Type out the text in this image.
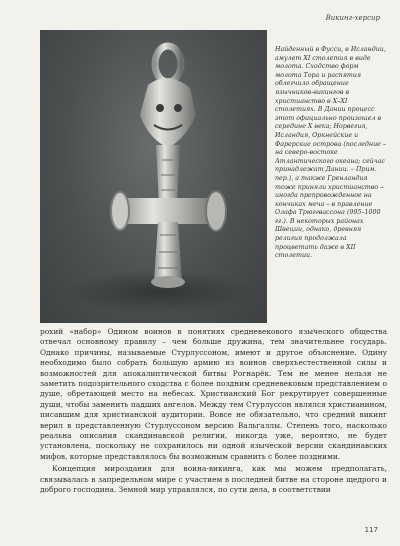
Викинг-херсир
Найденный в Фусси, в Исландии, амулет XI столетия в виде молота. Сходство форм молота Тора и распятия облегчило обращение язычников-викингов в христианство в X–XI столетиях. В Дании процесс этот официально произошел в середине X века; Норвегия, Исландия, Оркнейские и Фарерские острова (последние – на северо-востоке Атлантического океана; сейчас принадлежат Дании. – Прим. пер.), а также Гренландия тоже приняли христианство – иногда препровожденное на кончиках меча – в правление Олафа Трюггвассона (995–1000 гг.). В некоторых районах Швеции, однако, древняя религия продолжала процветать даже в XII столетии.

рохий «набор» Одином воинов в понятиях средневекового языческого общества отвечал основному правилу – чем больше дружина, тем значительнее государь. Однако причины, называемые Стурлуссоном, имеют и другое объяснение. Одину необходимо было собрать большую армию из воинов сверхъестественной силы и возможностей для апокалиптической битвы Рогнарёк. Тем не менее нельзя не заметить подозрительного сходства с более поздним средневековым представлением о душе, обретающей место на небесах. Христианский Бог рекрутирует совершенные души, чтобы заменить падших ангелов. Между тем Стурлуссон являлся христианином, писавшим для христианской аудитории. Вовсе не обязательно, что средний викинг верил в представленную Стурлуссоном версию Вальгаллы. Степень того, насколько реальна описания скандинавской религии, никогда уже, вероятно, не будет установлена, поскольку не сохранилось ни одной языческой версии скандинавских мифов, которые представлялось бы возможным сравнить с более поздними.

Концепция мироздания для воина-викинга, как мы можем предполагать, связывалась в запредельном мире с участием в последней битве на стороне щедрого и доброго господина. Земной мир управлялся, по сути дела, в соответствии

117
